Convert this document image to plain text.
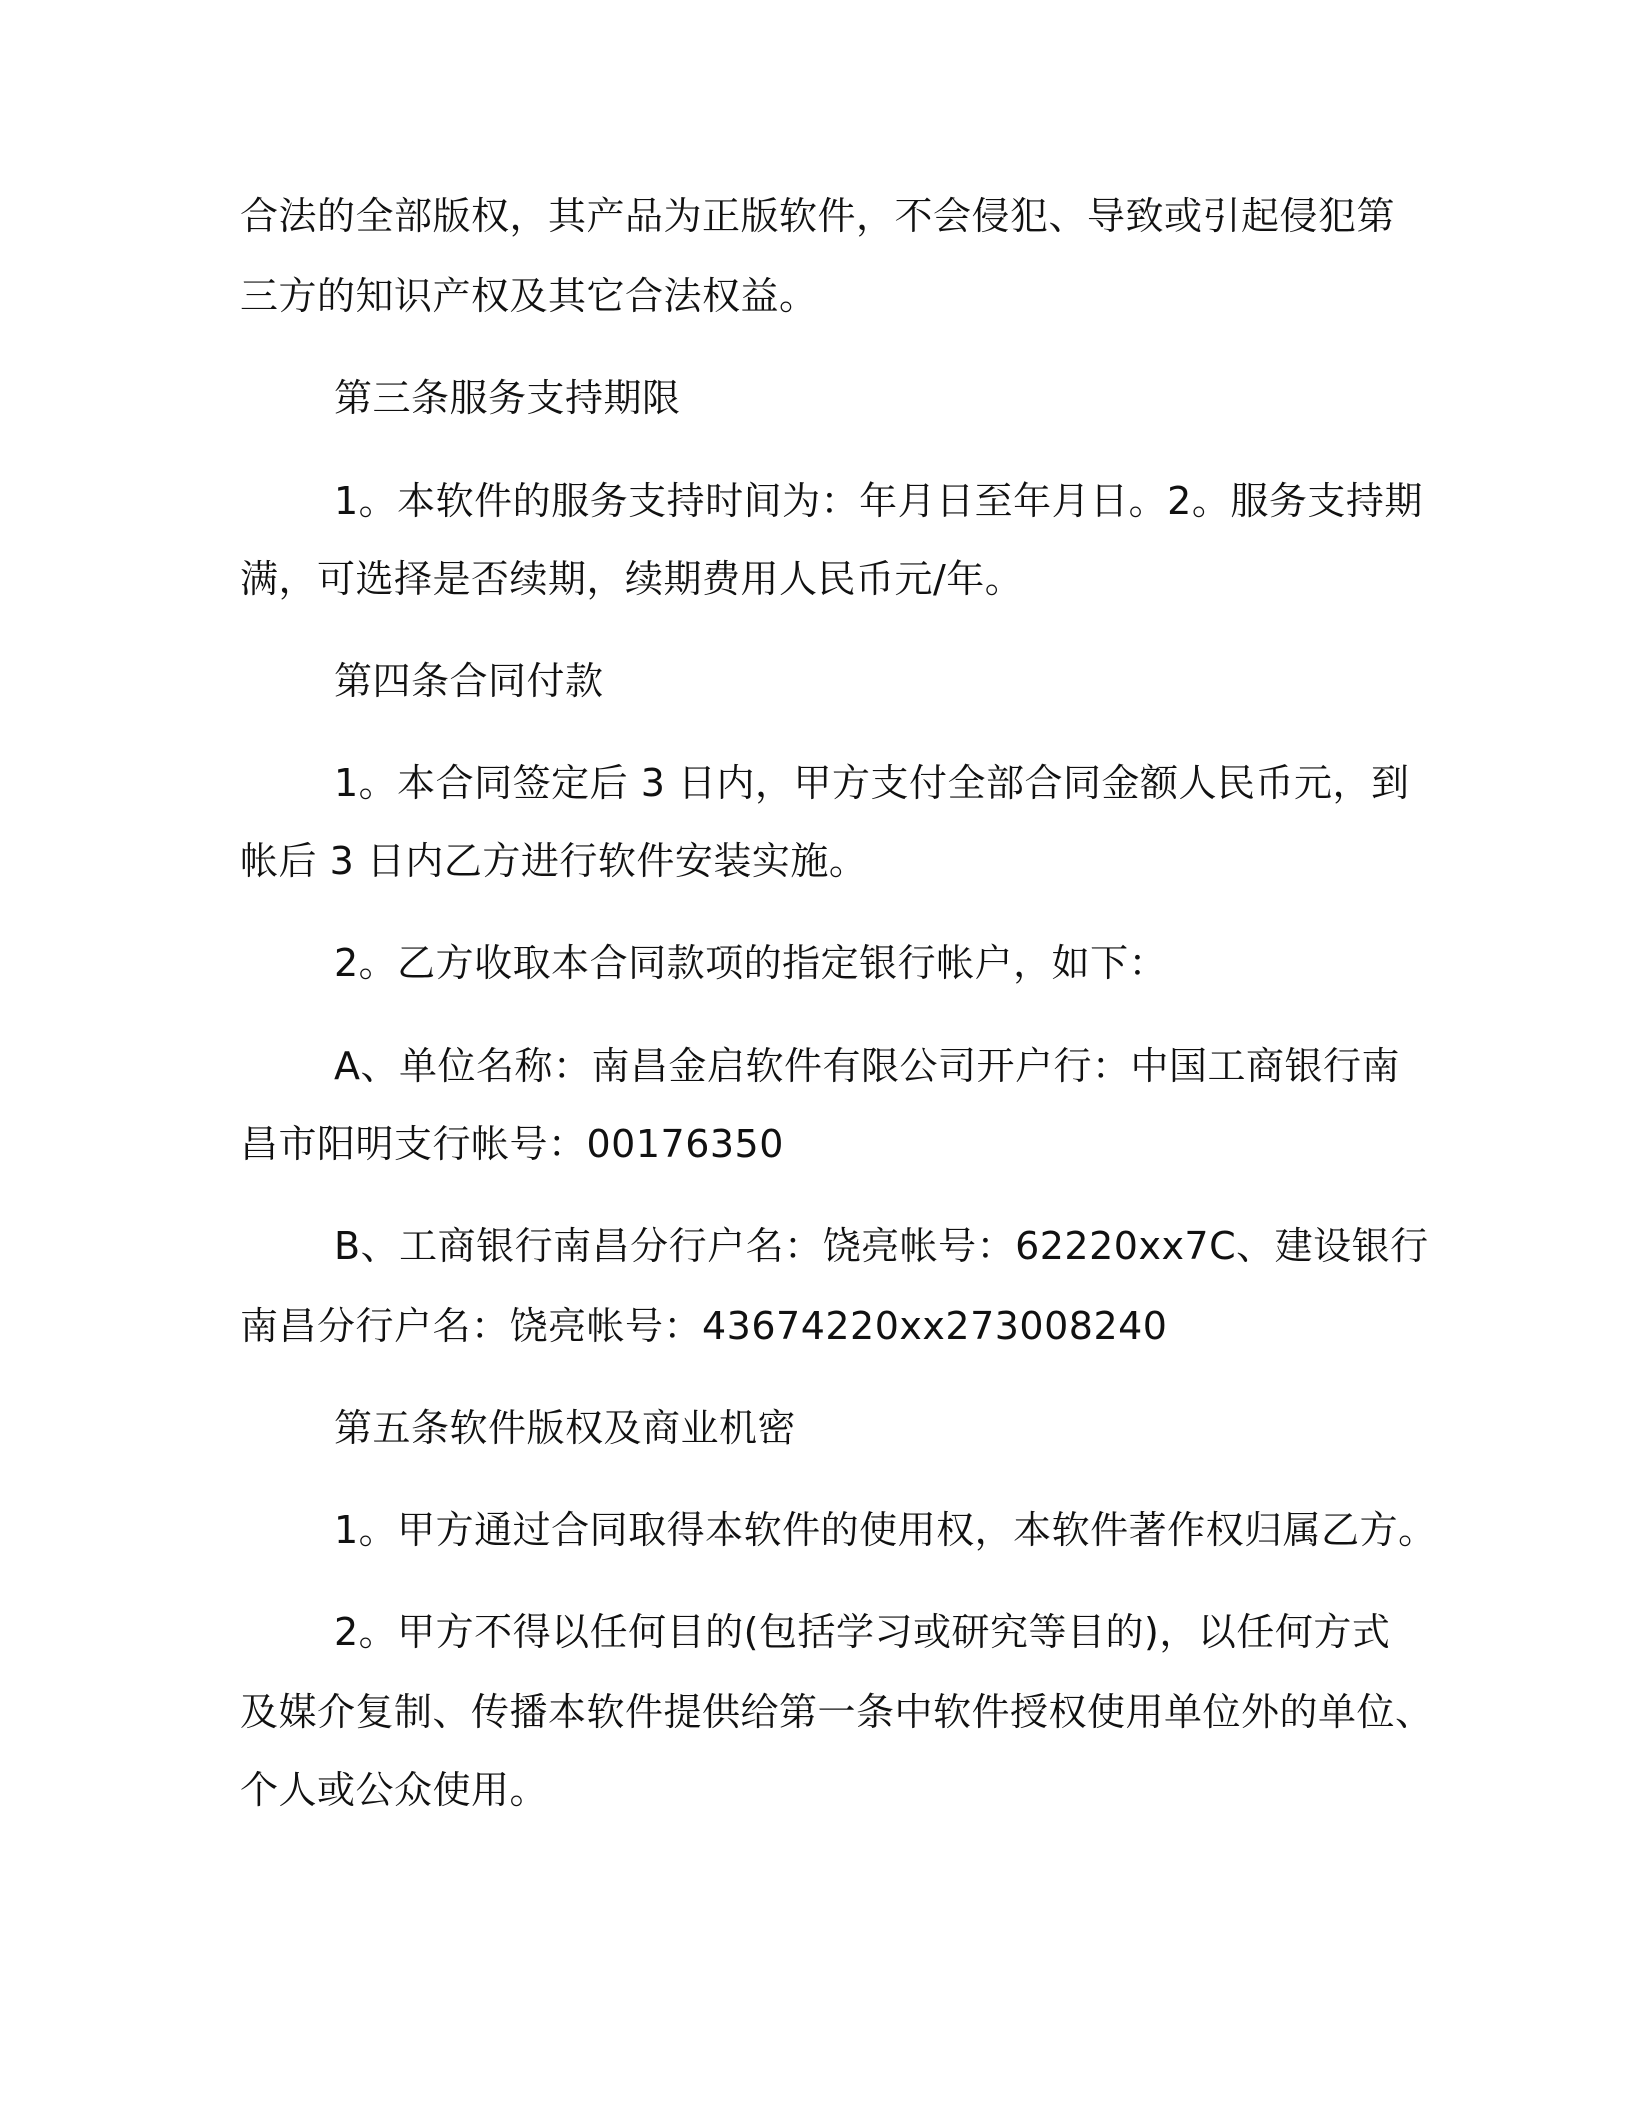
合法的全部版权，其产品为正版软件，不会侵犯、导致或引起侵犯第
三方的知识产权及其它合法权益。
第三条服务支持期限
1。本软件的服务支持时间为：年月日至年月日。2。服务支持期
满，可选择是否续期，续期费用人民币元/年。
第四条合同付款
1。本合同签定后 3 日内，甲方支付全部合同金额人民币元，到
帐后 3 日内乙方进行软件安装实施。
2。乙方收取本合同款项的指定银行帐户，如下：
A、单位名称：南昌金启软件有限公司开户行：中国工商银行南
昌市阳明支行帐号：00176350
B、工商银行南昌分行户名：饶亮帐号：62220xx7C、建设银行
南昌分行户名：饶亮帐号：43674220xx273008240
第五条软件版权及商业机密
1。甲方通过合同取得本软件的使用权，本软件著作权归属乙方。
2。甲方不得以任何目的(包括学习或研究等目的)，以任何方式
及媒介复制、传播本软件提供给第一条中软件授权使用单位外的单位、
个人或公众使用。
